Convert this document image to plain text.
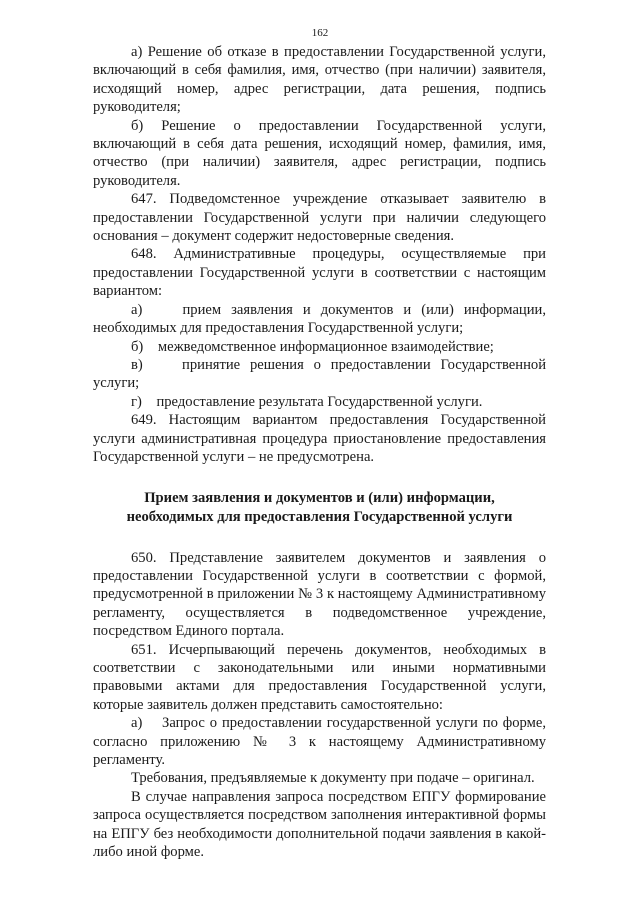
162

а) Решение об отказе в предоставлении Государственной услуги, включающий в себя фамилия, имя, отчество (при наличии) заявителя, исходящий номер, адрес регистрации, дата решения, подпись руководителя;

б) Решение о предоставлении Государственной услуги, включающий в себя дата решения, исходящий номер, фамилия, имя, отчество (при наличии) заявителя, адрес регистрации, подпись руководителя.

647. Подведомстенное учреждение отказывает заявителю в предоставлении Государственной услуги при наличии следующего основания – документ содержит недостоверные сведения.

648. Административные процедуры, осуществляемые при предоставлении Государственной услуги в соответствии с настоящим вариантом:

а)    прием заявления и документов и (или) информации, необходимых для предоставления Государственной услуги;

б)    межведомственное информационное взаимодействие;

в)    принятие решения о предоставлении Государственной услуги;

г)    предоставление результата Государственной услуги.

649. Настоящим вариантом предоставления Государственной услуги административная процедура приостановление предоставления Государственной услуги – не предусмотрена.

Прием заявления и документов и (или) информации,
необходимых для предоставления Государственной услуги

650. Представление заявителем документов и заявления о предоставлении Государственной услуги в соответствии с формой, предусмотренной в приложении № 3 к настоящему Административному регламенту, осуществляется в подведомственное учреждение, посредством Единого портала.

651. Исчерпывающий перечень документов, необходимых в соответствии с законодательными или иными нормативными правовыми актами для предоставления Государственной услуги, которые заявитель должен представить самостоятельно:

а)    Запрос о предоставлении государственной услуги по форме, согласно приложению № 3 к настоящему Административному регламенту.

Требования, предъявляемые к документу при подаче – оригинал.

В случае направления запроса посредством ЕПГУ формирование запроса осуществляется посредством заполнения интерактивной формы на ЕПГУ без необходимости дополнительной подачи заявления в какой-либо иной форме.
